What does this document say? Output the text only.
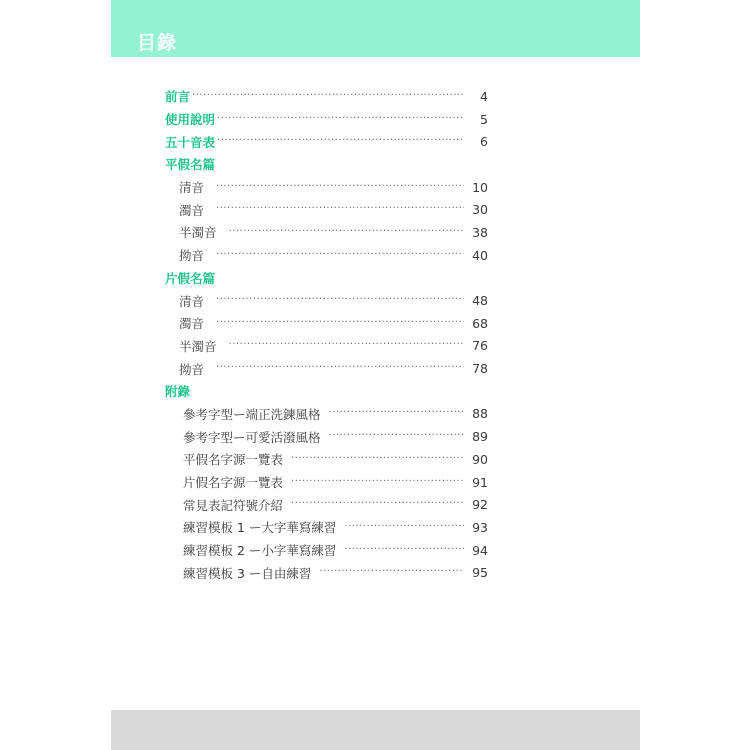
目錄
前言 ·····	4
使用說明 ·····	5
五十音表 ·····	6
平假名篇
清音 ·····	10
濁音 ·····	30
半濁音 ·····	38
拗音 ·····	40
片假名篇
清音 ·····	48
濁音 ·····	68
半濁音 ·····	76
拗音 ·····	78
附錄
參考字型ー端正洗鍊風格 ·····	88
參考字型ー可愛活潑風格 ·····	89
平假名字源一覽表 ·····	90
片假名字源一覽表 ·····	91
常見表記符號介紹 ·····	92
練習模板 1 ー大字華寫練習 ·····	93
練習模板 2 ー小字華寫練習 ·····	94
練習模板 3 ー自由練習 ·····	95
